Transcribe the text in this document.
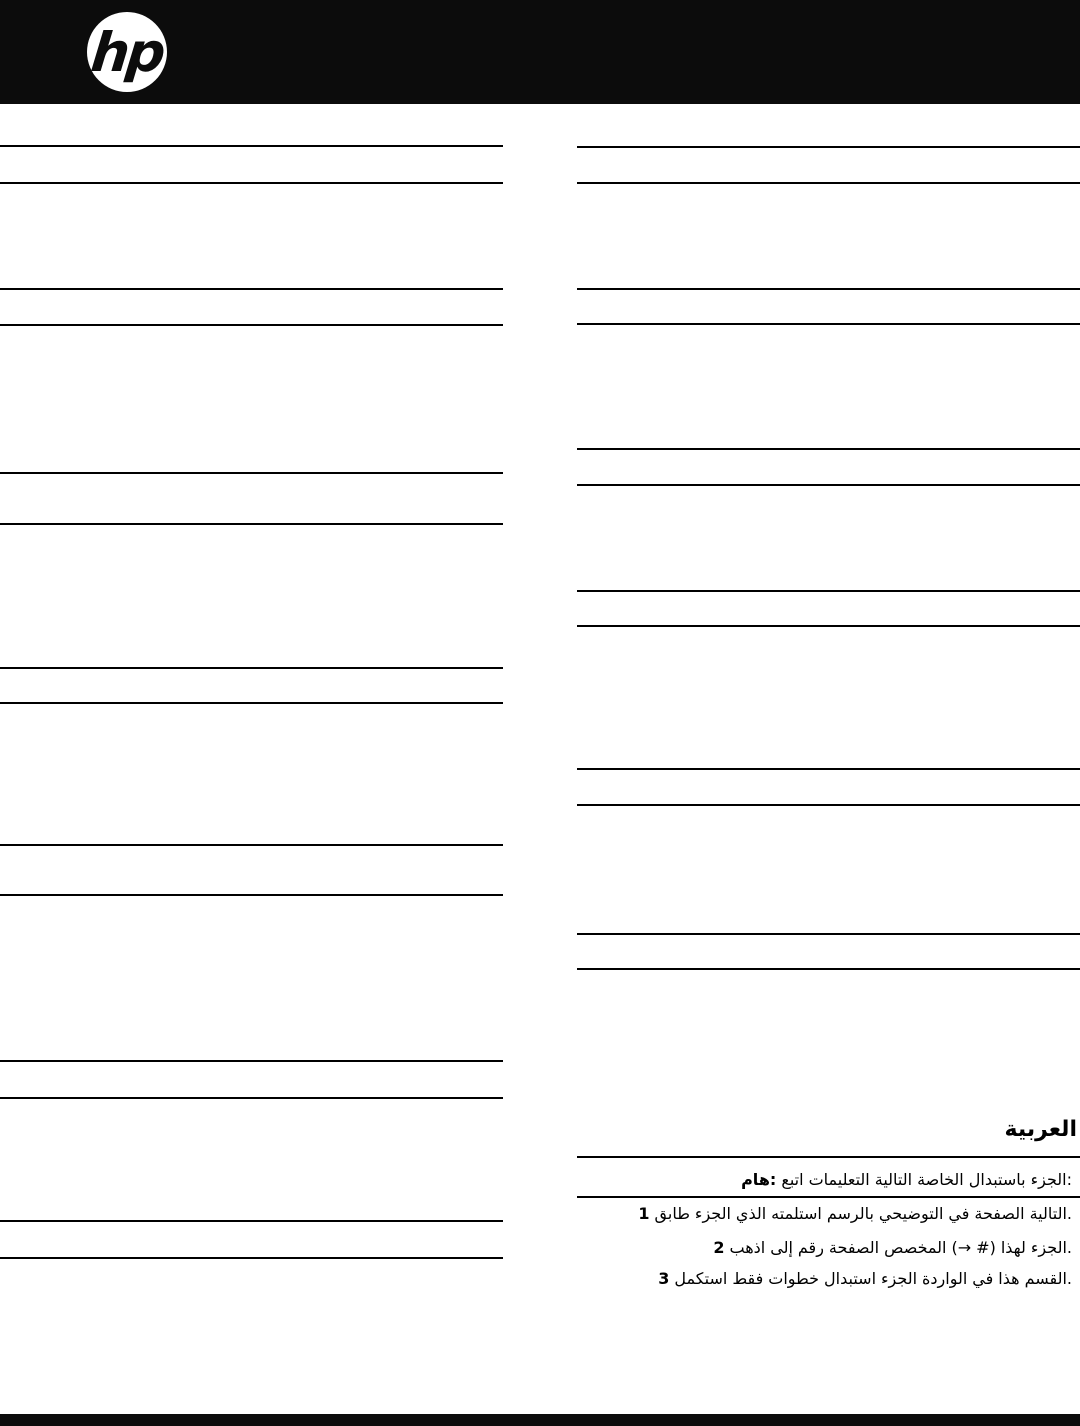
hp
العربية
هام: اتبع التعليمات التالية الخاصة باستبدال الجزء:
1 طابق الجزء الذي استلمته بالرسم التوضيحي في الصفحة التالية.
2 اذهب إلى رقم الصفحة المخصص (→ #) لهذا الجزء.
3 استكمل فقط خطوات استبدال الجزء الواردة في هذا القسم.
